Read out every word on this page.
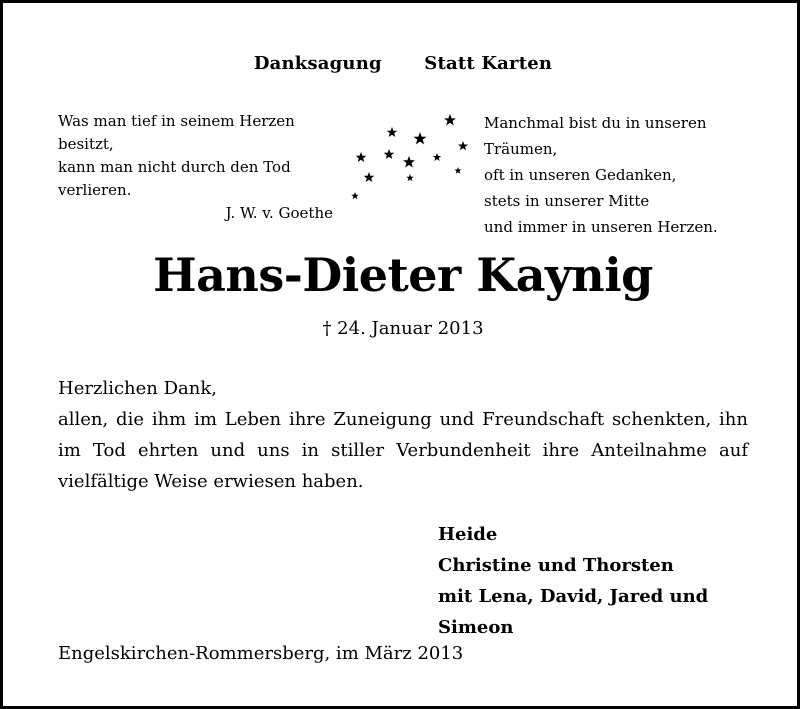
Danksagung Statt Karten
Was man tief in seinem Herzen besitzt,
kann man nicht durch den Tod verlieren.
J. W. v. Goethe
Manchmal bist du in unseren Träumen,
oft in unseren Gedanken,
stets in unserer Mitte
und immer in unseren Herzen.
Hans-Dieter Kaynig
† 24. Januar 2013
Herzlichen Dank,
allen, die ihm im Leben ihre Zuneigung und Freundschaft schenkten, ihn im Tod ehrten und uns in stiller Verbundenheit ihre Anteilnahme auf vielfältige Weise erwiesen haben.
Heide
Christine und Thorsten
mit Lena, David, Jared und Simeon
Engelskirchen-Rommersberg, im März 2013
